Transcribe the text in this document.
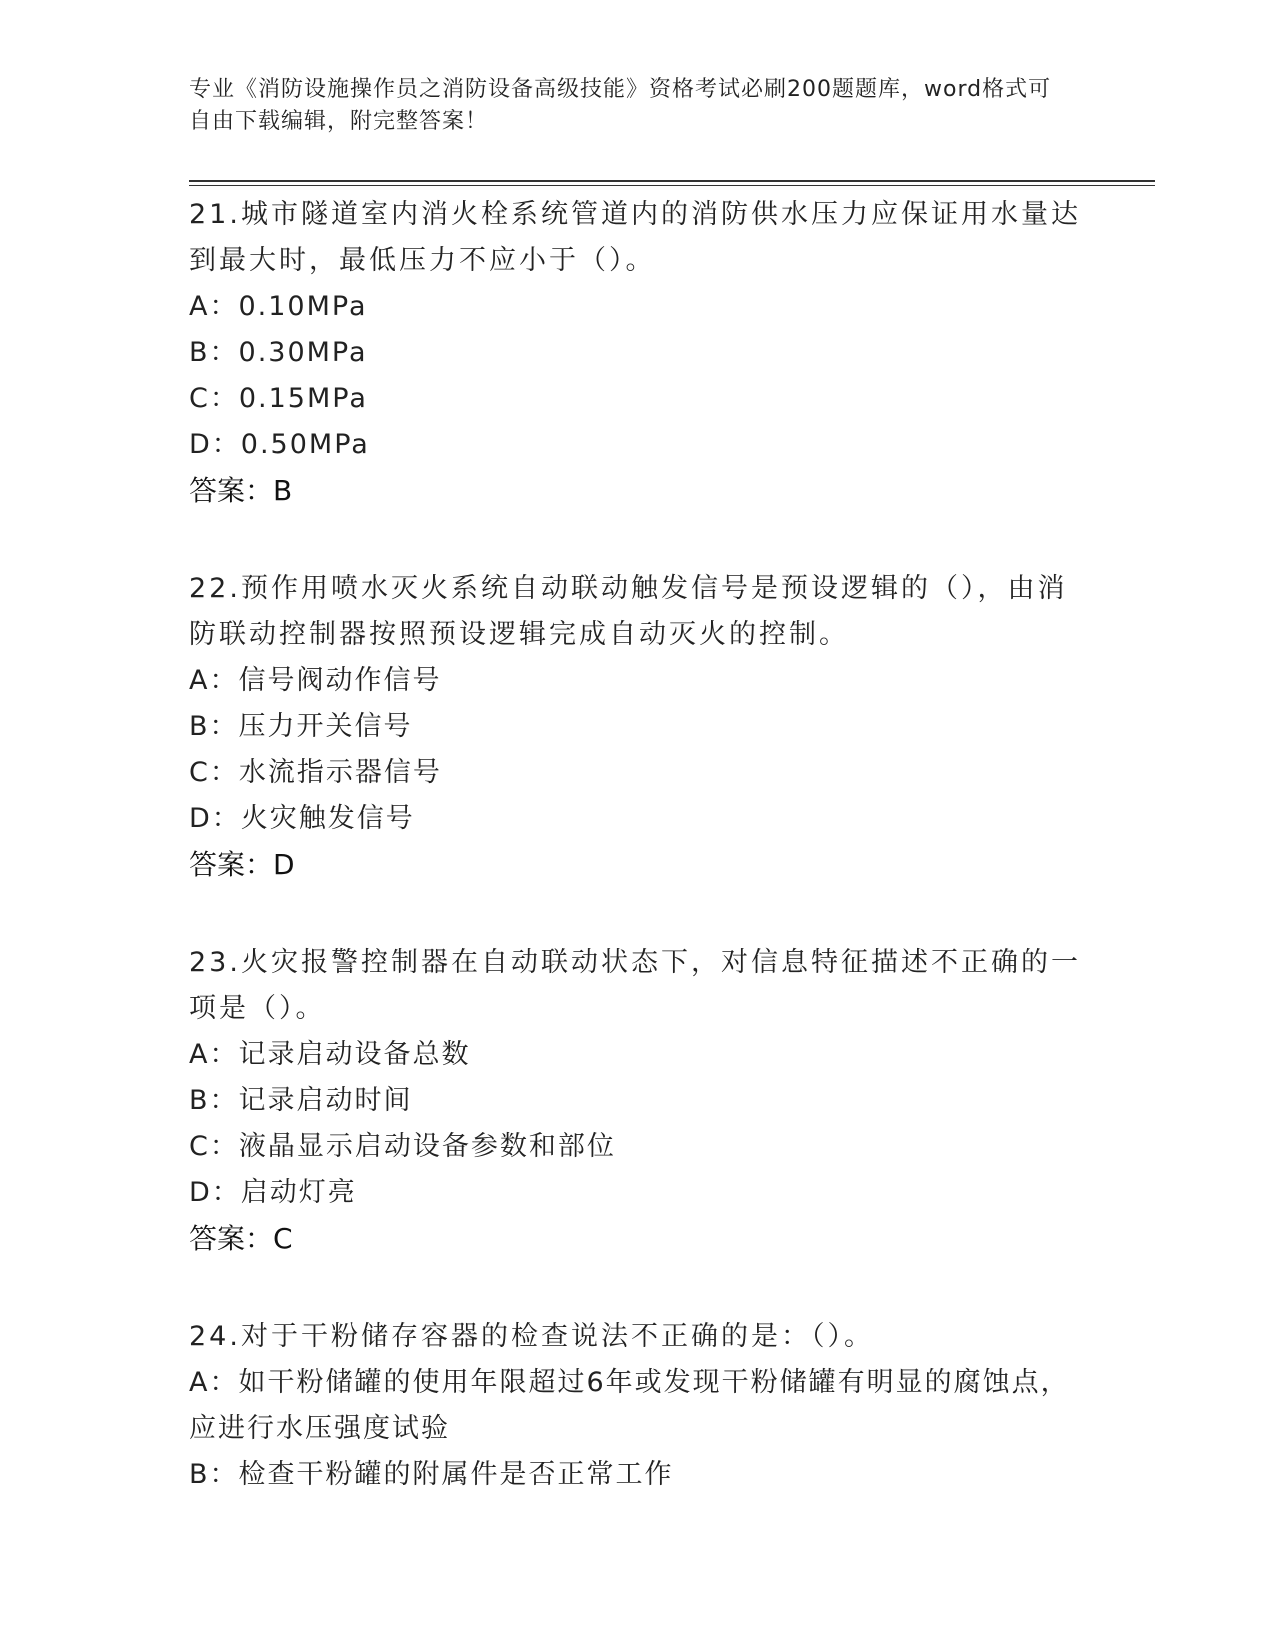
专业《消防设施操作员之消防设备高级技能》资格考试必刷200题题库，word格式可自由下载编辑，附完整答案！

21.城市隧道室内消火栓系统管道内的消防供水压力应保证用水量达到最大时，最低压力不应小于（）。

A：0.10MPa

B：0.30MPa

C：0.15MPa

D：0.50MPa

答案：B

22.预作用喷水灭火系统自动联动触发信号是预设逻辑的（），由消防联动控制器按照预设逻辑完成自动灭火的控制。

A：信号阀动作信号

B：压力开关信号

C：水流指示器信号

D：火灾触发信号

答案：D

23.火灾报警控制器在自动联动状态下，对信息特征描述不正确的一项是（）。

A：记录启动设备总数

B：记录启动时间

C：液晶显示启动设备参数和部位

D：启动灯亮

答案：C

24.对于干粉储存容器的检查说法不正确的是：（）。

A：如干粉储罐的使用年限超过6年或发现干粉储罐有明显的腐蚀点，应进行水压强度试验

B：检查干粉罐的附属件是否正常工作
